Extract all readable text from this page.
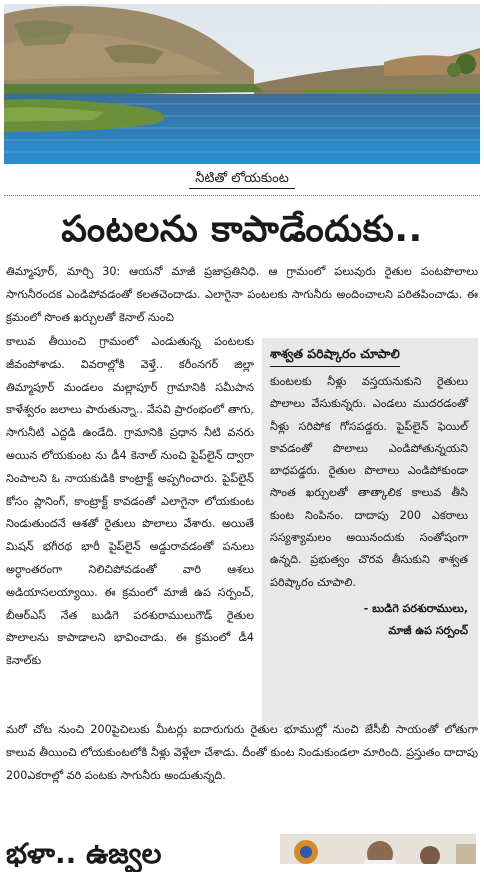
నీటితో లోయకుంట
పంటలను కాపాడేందుకు..

తిమ్మాపూర్, మార్చి 30: ఆయనో మాజీ ప్రజాప్రతినిధి. ఆ గ్రామంలో పలువురు రైతుల పంటపొలాలు సాగునీరందక ఎండిపోవడంతో కలతచెందాడు. ఎలాగైనా పంటలకు సాగునీరు అందించాలని పరితపించాడు. ఈ క్రమంలో సొంత ఖర్చులతో కెనాల్ నుంచి

కాలువ తీయించి గ్రామంలో ఎండుతున్న పంటలకు జీవంపోశాడు. వివరాల్లోకి వెళ్తే.. కరీంనగర్ జిల్లా తిమ్మాపూర్ మండలం మల్లాపూర్ గ్రామానికి సమీపాన కాళేశ్వరం జలాలు పారుతున్నా.. వేసవి ప్రారంభంలో తాగు, సాగునీటి ఎద్దడి ఉండేది. గ్రామానికి ప్రధాన నీటి వనరు అయిన లోయకుంట ను డీ4 కెనాల్ నుంచి పైప్‌లైన్ ద్వారా నింపాలని ఓ నాయకుడికి కాంట్రాక్ట్ అప్పగించారు. పైప్‌లైన్ కోసం ప్లానింగ్, కాంట్రాక్ట్ కావడంతో ఎలాగైనా లోయకుంట నిండుతుందనే ఆశతో రైతులు పొలాలు వేశారు. అయితే మిషన్ భగీరథ భారీ పైప్‌లైన్ అడ్డురావడంతో పనులు అర్ధాంతరంగా నిలిచిపోవడంతో వారి ఆశలు అడియాసలయ్యాయి. ఈ క్రమంలో మాజీ ఉప సర్పంచ్, బీఆర్ఎస్ నేత బుడిగె పరశురాములుగౌడ్ రైతుల పొలాలను కాపాడాలని భావించాడు. ఈ క్రమంలో డీ4 కెనాల్‌కు

శాశ్వత పరిష్కారం చూపాలి

కుంటలకు నీళ్లు వస్తయనుకుని రైతులు పొలాలు వేసుకున్నరు. ఎండలు ముదరడంతో నీళ్లు సరిపోక గోసపడ్డరు. పైప్‌లైన్ ఫెయిల్ కావడంతో పొలాలు ఎండిపోతున్నయని బాధపడ్డరు. రైతుల పొలాలు ఎండిపోకుండా సొంత ఖర్చులతో తాత్కాలిక కాలువ తీసి కుంట నింపినం. దాదాపు 200 ఎకరాలు సస్యశ్యామలం అయినందుకు సంతోషంగా ఉన్నది. ప్రభుత్వం చొరవ తీసుకుని శాశ్వత పరిష్కారం చూపాలి.

- బుడిగె పరశురాములు,
మాజీ ఉప సర్పంచ్

మరో చోట నుంచి 200పైచిలుకు మీటర్లు ఐదారుగురు రైతుల భూముల్లో నుంచి జేసీబీ సాయంతో లోతుగా కాలువ తీయించి లోయకుంటలోకి నీళ్లు వెళ్లేలా చేశాడు. దీంతో కుంట నిండుకుండలా మారింది. ప్రస్తుతం దాదాపు 200ఎకరాల్లో వరి పంటకు సాగునీరు అందుతున్నది.

భళా.. ఉజ్వల
